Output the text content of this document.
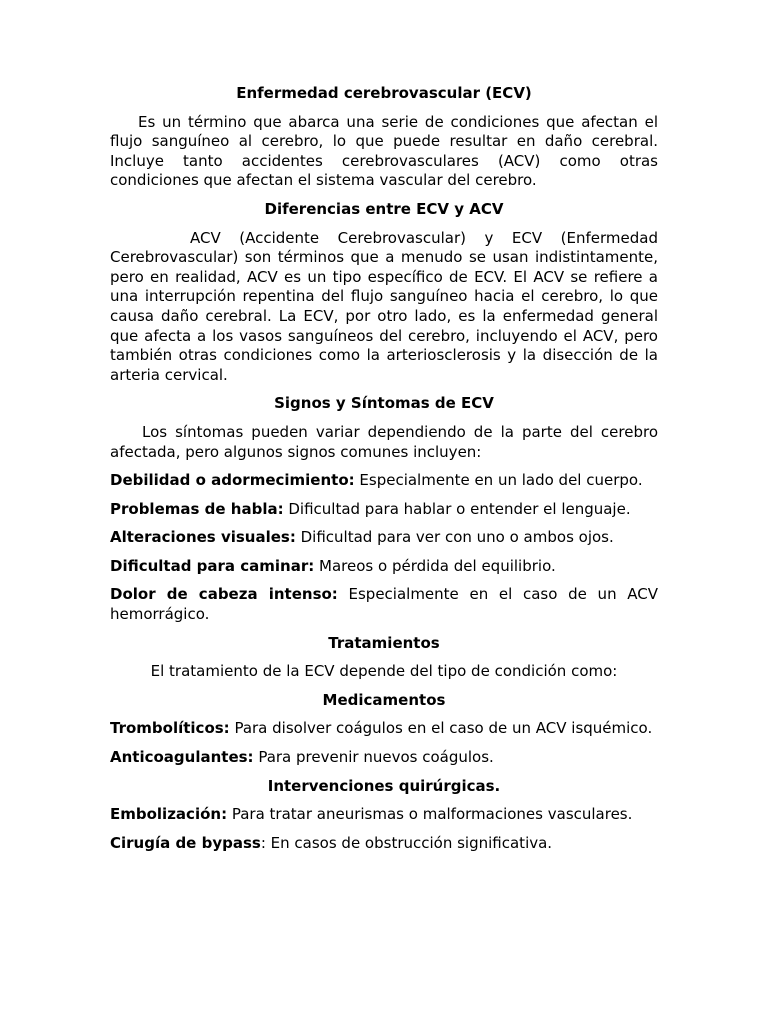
Enfermedad cerebrovascular (ECV)

Es un término que abarca una serie de condiciones que afectan el flujo sanguíneo al cerebro, lo que puede resultar en daño cerebral. Incluye tanto accidentes cerebrovasculares (ACV) como otras condiciones que afectan el sistema vascular del cerebro.

Diferencias entre ECV y ACV

ACV (Accidente Cerebrovascular) y ECV (Enfermedad Cerebrovascular) son términos que a menudo se usan indistintamente, pero en realidad, ACV es un tipo específico de ECV. El ACV se refiere a una interrupción repentina del flujo sanguíneo hacia el cerebro, lo que causa daño cerebral. La ECV, por otro lado, es la enfermedad general que afecta a los vasos sanguíneos del cerebro, incluyendo el ACV, pero también otras condiciones como la arteriosclerosis y la disección de la arteria cervical.

Signos y Síntomas de ECV

Los síntomas pueden variar dependiendo de la parte del cerebro afectada, pero algunos signos comunes incluyen:

Debilidad o adormecimiento: Especialmente en un lado del cuerpo.

Problemas de habla: Dificultad para hablar o entender el lenguaje.

Alteraciones visuales: Dificultad para ver con uno o ambos ojos.

Dificultad para caminar: Mareos o pérdida del equilibrio.

Dolor de cabeza intenso: Especialmente en el caso de un ACV hemorrágico.

Tratamientos

El tratamiento de la ECV depende del tipo de condición como:

Medicamentos

Trombolíticos: Para disolver coágulos en el caso de un ACV isquémico.

Anticoagulantes: Para prevenir nuevos coágulos.

Intervenciones quirúrgicas.

Embolización: Para tratar aneurismas o malformaciones vasculares.

Cirugía de bypass: En casos de obstrucción significativa.
